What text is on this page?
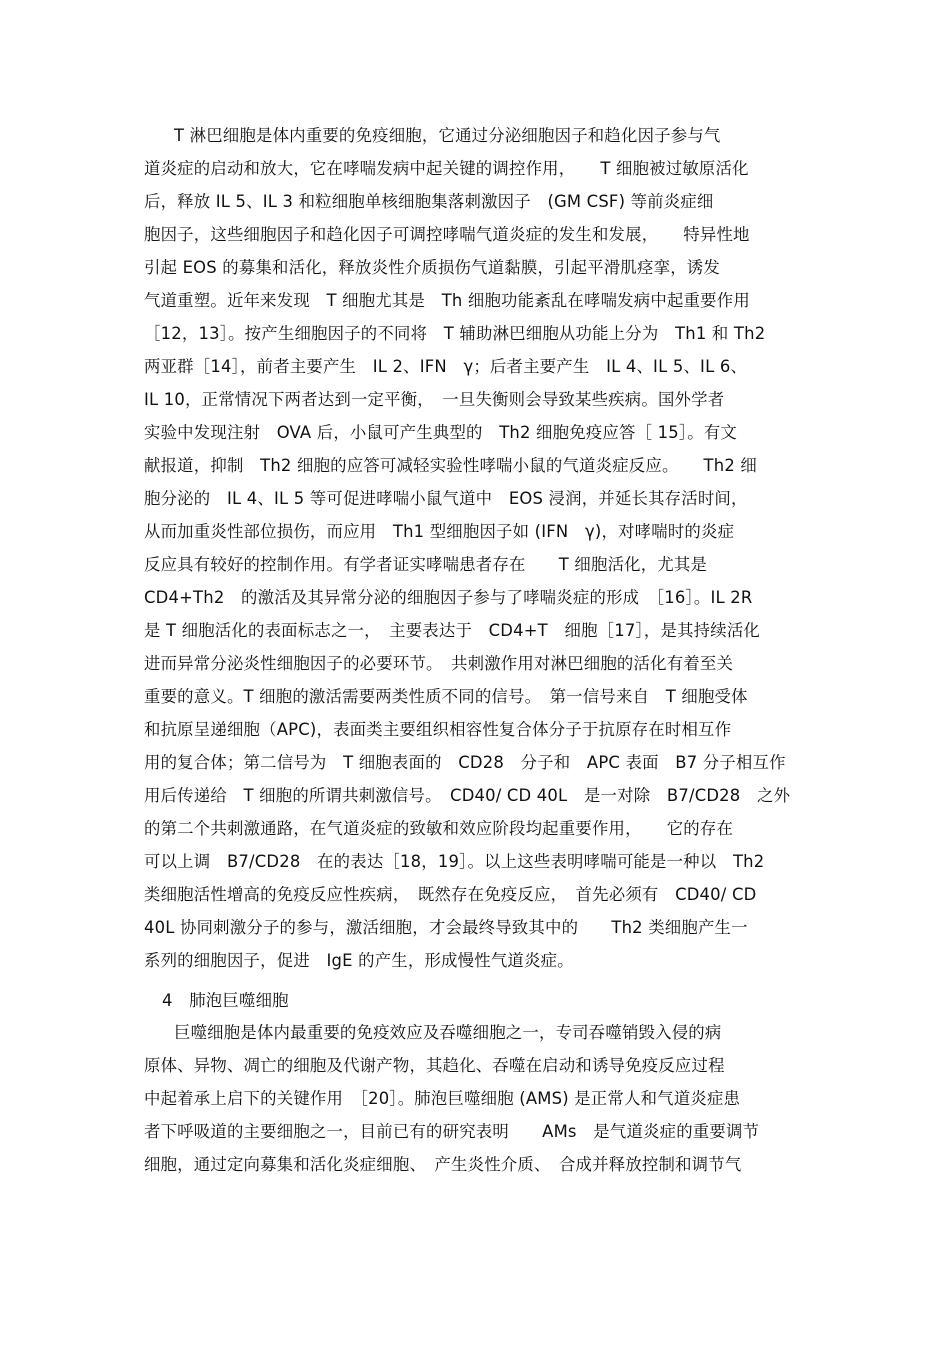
T 淋巴细胞是体内重要的免疫细胞，它通过分泌细胞因子和趋化因子参与气
道炎症的启动和放大，它在哮喘发病中起关键的调控作用，　　T 细胞被过敏原活化
后，释放 IL 5、IL 3 和粒细胞单核细胞集落刺激因子　(GM CSF) 等前炎症细
胞因子，这些细胞因子和趋化因子可调控哮喘气道炎症的发生和发展，　　特异性地
引起 EOS 的募集和活化，释放炎性介质损伤气道黏膜，引起平滑肌痉挛，诱发
气道重塑。近年来发现　T 细胞尤其是　Th 细胞功能紊乱在哮喘发病中起重要作用
［12，13］。按产生细胞因子的不同将　T 辅助淋巴细胞从功能上分为　Th1 和 Th2
两亚群［14］，前者主要产生　IL 2、IFN　γ；后者主要产生　IL 4、IL 5、IL 6、
IL 10，正常情况下两者达到一定平衡，　一旦失衡则会导致某些疾病。国外学者
实验中发现注射　OVA 后，小鼠可产生典型的　Th2 细胞免疫应答［ 15］。有文
献报道，抑制　Th2 细胞的应答可减轻实验性哮喘小鼠的气道炎症反应。　　Th2 细
胞分泌的　IL 4、IL 5 等可促进哮喘小鼠气道中　EOS 浸润，并延长其存活时间，
从而加重炎性部位损伤，而应用　Th1 型细胞因子如 (IFN　γ)，对哮喘时的炎症
反应具有较好的控制作用。有学者证实哮喘患者存在　　T 细胞活化，尤其是
CD4+Th2　的激活及其异常分泌的细胞因子参与了哮喘炎症的形成　［16］。IL 2R
是 T 细胞活化的表面标志之一，　主要表达于　CD4+T　细胞［17］，是其持续活化
进而异常分泌炎性细胞因子的必要环节。　共刺激作用对淋巴细胞的活化有着至关
重要的意义。T 细胞的激活需要两类性质不同的信号。　第一信号来自　T 细胞受体
和抗原呈递细胞（APC)，表面类主要组织相容性复合体分子于抗原存在时相互作
用的复合体；第二信号为　T 细胞表面的　CD28　分子和　APC 表面　B7 分子相互作
用后传递给　T 细胞的所谓共刺激信号。　CD40/ CD 40L　是一对除　B7/CD28　之外
的第二个共刺激通路，在气道炎症的致敏和效应阶段均起重要作用，　　它的存在
可以上调　B7/CD28　在的表达［18，19］。以上这些表明哮喘可能是一种以　Th2
类细胞活性增高的免疫反应性疾病，　既然存在免疫反应，　首先必须有　CD40/ CD
40L 协同刺激分子的参与，激活细胞，才会最终导致其中的　　Th2 类细胞产生一
系列的细胞因子，促进　IgE 的产生，形成慢性气道炎症。
4　肺泡巨噬细胞
巨噬细胞是体内最重要的免疫效应及吞噬细胞之一，专司吞噬销毁入侵的病
原体、异物、凋亡的细胞及代谢产物，其趋化、吞噬在启动和诱导免疫反应过程
中起着承上启下的关键作用　［20］。肺泡巨噬细胞 (AMS) 是正常人和气道炎症患
者下呼吸道的主要细胞之一，目前已有的研究表明　　AMs　是气道炎症的重要调节
细胞，通过定向募集和活化炎症细胞、　产生炎性介质、　合成并释放控制和调节气
